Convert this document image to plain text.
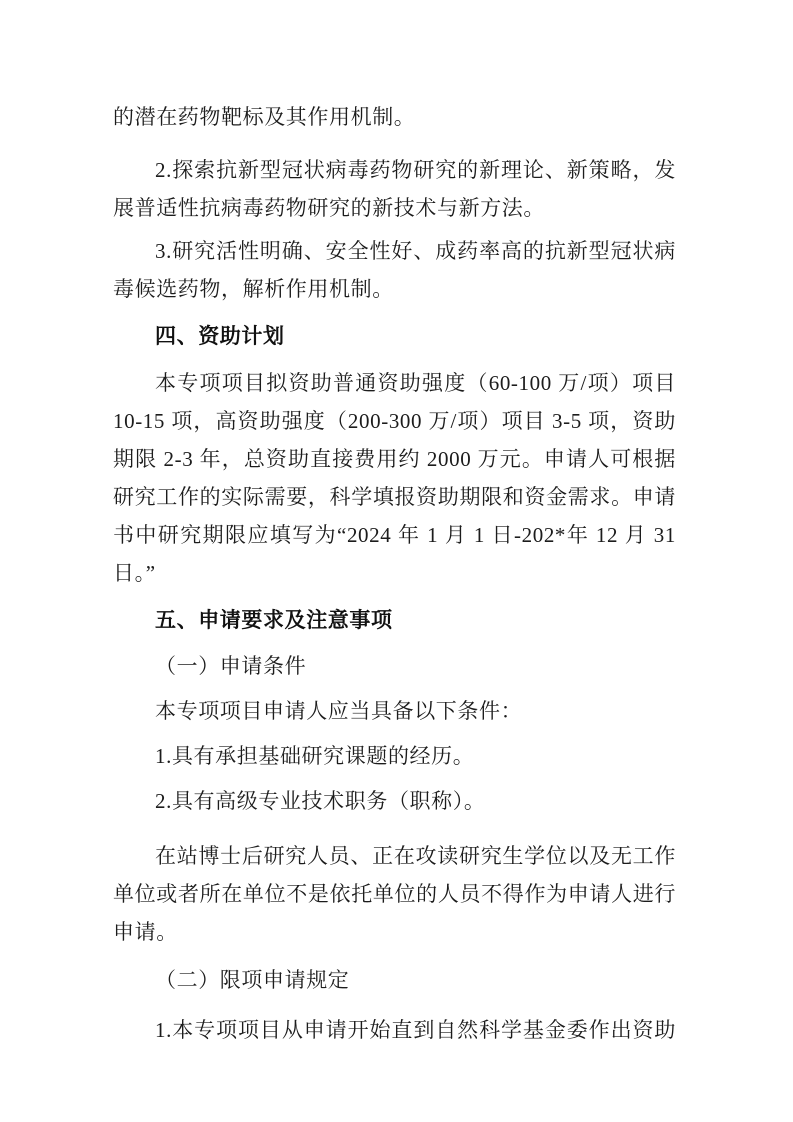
的潜在药物靶标及其作用机制。

2.探索抗新型冠状病毒药物研究的新理论、新策略，发展普适性抗病毒药物研究的新技术与新方法。

3.研究活性明确、安全性好、成药率高的抗新型冠状病毒候选药物，解析作用机制。

四、资助计划

本专项项目拟资助普通资助强度（60-100 万/项）项目 10-15 项，高资助强度（200-300 万/项）项目 3-5 项，资助期限 2-3 年，总资助直接费用约 2000 万元。申请人可根据研究工作的实际需要，科学填报资助期限和资金需求。申请书中研究期限应填写为“2024 年 1 月 1 日-202*年 12 月 31 日。”

五、申请要求及注意事项

（一）申请条件

本专项项目申请人应当具备以下条件：

1.具有承担基础研究课题的经历。

2.具有高级专业技术职务（职称）。

在站博士后研究人员、正在攻读研究生学位以及无工作单位或者所在单位不是依托单位的人员不得作为申请人进行申请。

（二）限项申请规定

1.本专项项目从申请开始直到自然科学基金委作出资助
